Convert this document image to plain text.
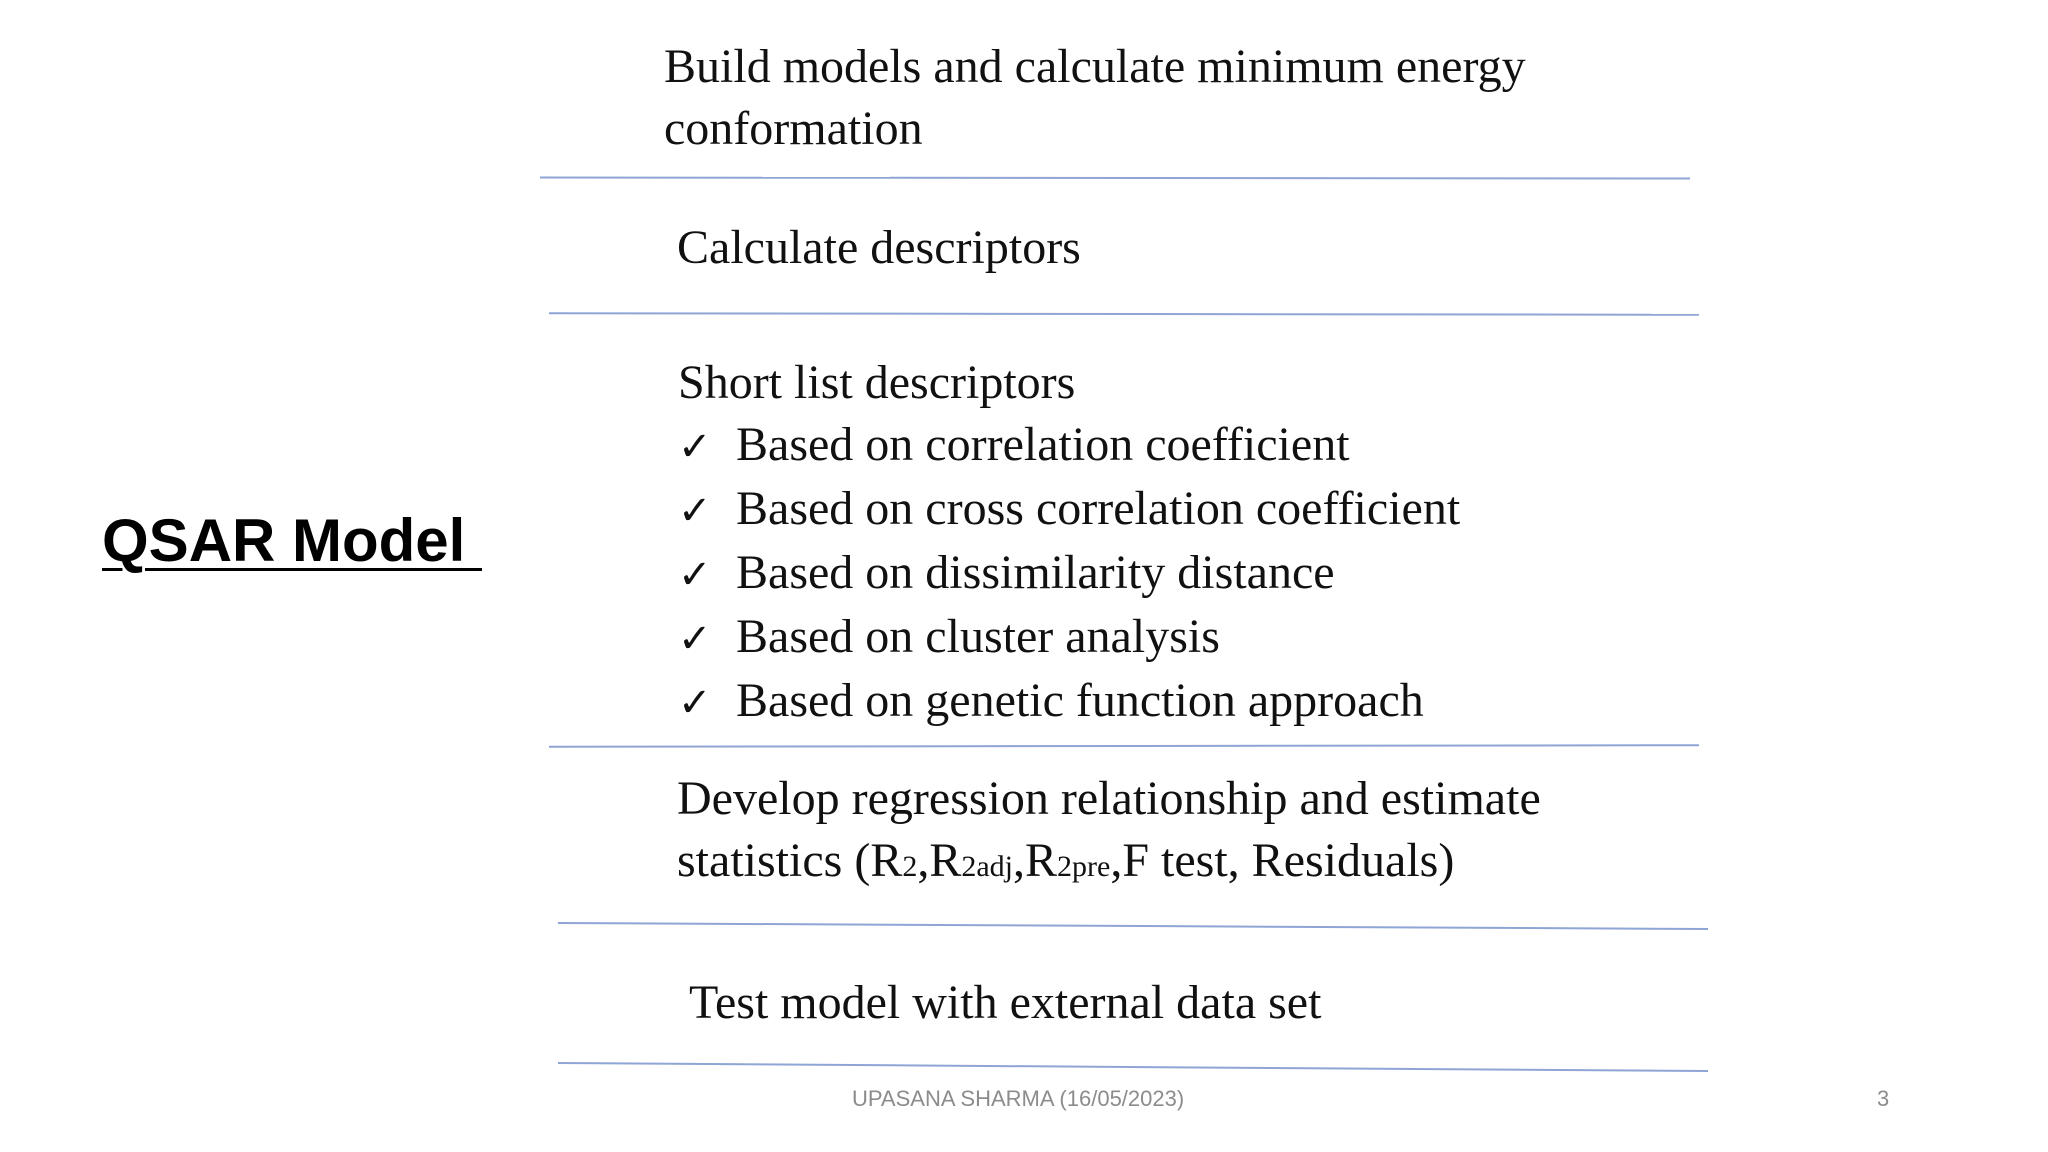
QSAR Model
Build models and calculate minimum energy
conformation
Calculate descriptors
Short list descriptors
✓ Based on correlation coefficient
✓ Based on cross correlation coefficient
✓ Based on dissimilarity distance
✓ Based on cluster analysis
✓ Based on genetic function approach
Develop regression relationship and estimate
statistics (R2,R2adj,R2pre,F test, Residuals)
Test model with external data set
UPASANA SHARMA (16/05/2023)	3
